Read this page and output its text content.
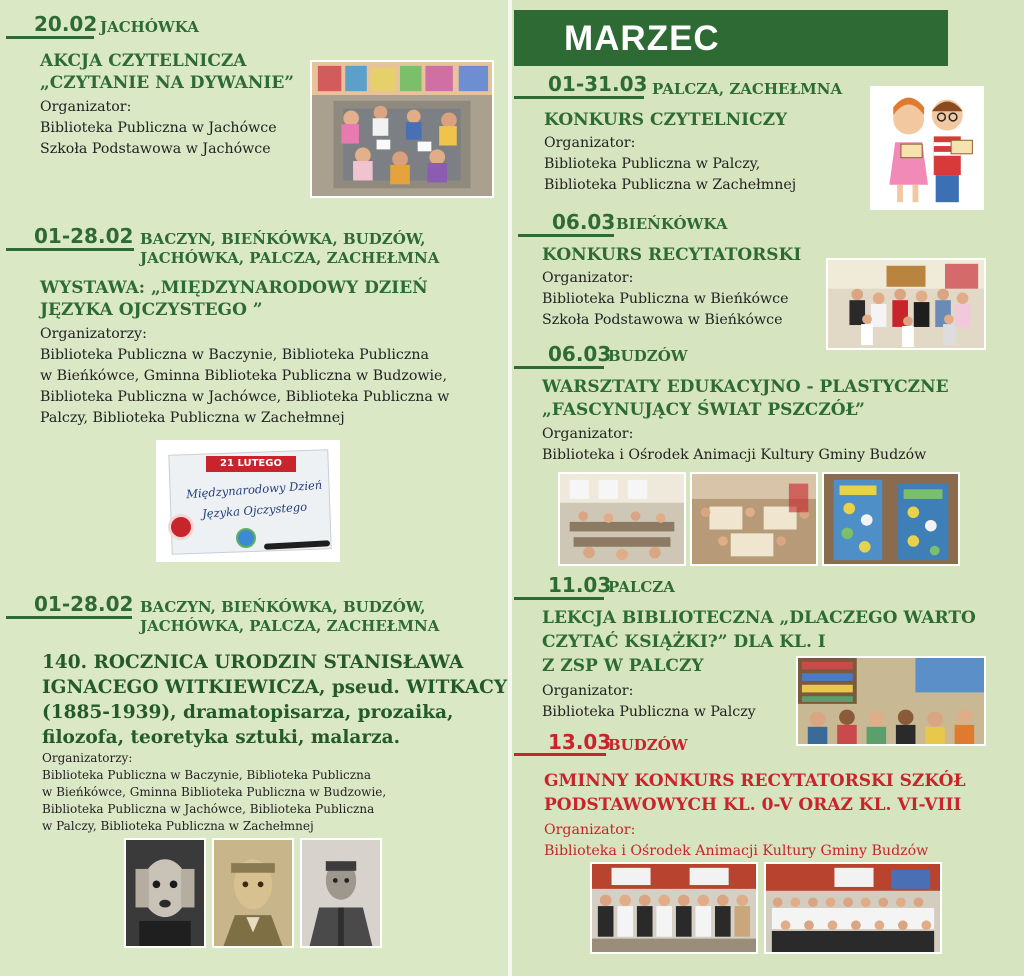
20.02 JACHÓWKA
AKCJA CZYTELNICZA „CZYTANIE NA DYWANIE”
Organizator:
Biblioteka Publiczna w Jachówce
Szkoła Podstawowa w Jachówce
01-28.02 BACZYN, BIEŃKÓWKA, BUDZÓW,
JACHÓWKA, PALCZA, ZACHEŁMNA
WYSTAWA: „MIĘDZYNARODOWY DZIEŃ
JĘZYKA OJCZYSTEGO ”
Organizatorzy:
Biblioteka Publiczna w Baczynie, Biblioteka Publiczna
w Bieńkówce, Gminna Biblioteka Publiczna w Budzowie,
Biblioteka Publiczna w Jachówce, Biblioteka Publiczna w
Palczy, Biblioteka Publiczna w Zachełmnej
21 LUTEGO
Międzynarodowy Dzień
Języka Ojczystego
01-28.02 BACZYN, BIEŃKÓWKA, BUDZÓW,
JACHÓWKA, PALCZA, ZACHEŁMNA
140. ROCZNICA URODZIN STANISŁAWA
IGNACEGO WITKIEWICZA, pseud. WITKACY
(1885-1939), dramatopisarza, prozaika,
filozofa, teoretyka sztuki, malarza.
Organizatorzy:
Biblioteka Publiczna w Baczynie, Biblioteka Publiczna
w Bieńkówce, Gminna Biblioteka Publiczna w Budzowie,
Biblioteka Publiczna w Jachówce, Biblioteka Publiczna
w Palczy, Biblioteka Publiczna w Zachełmnej
MARZEC
01-31.03 PALCZA, ZACHEŁMNA
KONKURS CZYTELNICZY
Organizator:
Biblioteka Publiczna w Palczy,
Biblioteka Publiczna w Zachełmnej
06.03 BIEŃKÓWKA
KONKURS RECYTATORSKI
Organizator:
Biblioteka Publiczna w Bieńkówce
Szkoła Podstawowa w Bieńkówce
06.03
BUDZÓW
WARSZTATY EDUKACYJNO - PLASTYCZNE
„FASCYNUJĄCY ŚWIAT PSZCZÓŁ”
Organizator:
Biblioteka i Ośrodek Animacji Kultury Gminy Budzów
11.03
PALCZA
LEKCJA BIBLIOTECZNA „DLACZEGO WARTO
CZYTAĆ KSIĄŻKI?” DLA KL. I
Z ZSP W PALCZY
Organizator:
Biblioteka Publiczna w Palczy
13.03
BUDZÓW
GMINNY KONKURS RECYTATORSKI SZKÓŁ
PODSTAWOWYCH KL. 0-V ORAZ KL. VI-VIII
Organizator:
Biblioteka i Ośrodek Animacji Kultury Gminy Budzów
